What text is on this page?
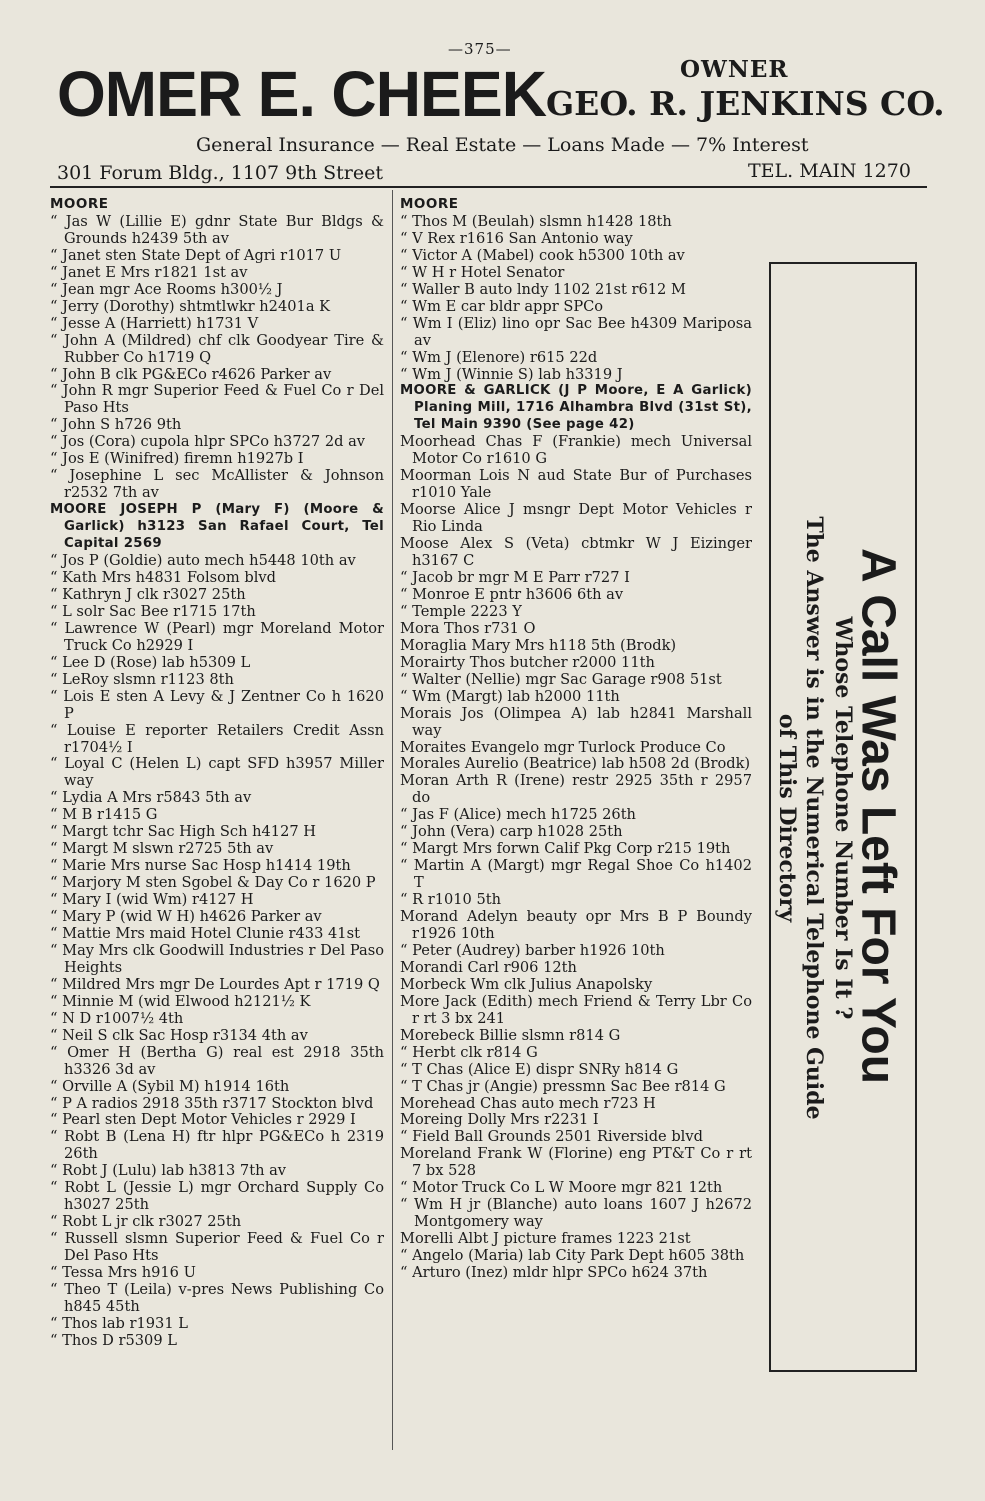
—375—
OMER E. CHEEK	OWNER
GEO. R. JENKINS CO.
General Insurance — Real Estate — Loans Made — 7% Interest
301 Forum Bldg., 1107 9th Street	TEL. MAIN 1270
MOORE
“ Jas W (Lillie E) gdnr State Bur Bldgs & Grounds h2439 5th av
“ Janet sten State Dept of Agri r1017 U
“ Janet E Mrs r1821 1st av
“ Jean mgr Ace Rooms h300½ J
“ Jerry (Dorothy) shtmtlwkr h2401a K
“ Jesse A (Harriett) h1731 V
“ John A (Mildred) chf clk Goodyear Tire & Rubber Co h1719 Q
“ John B clk PG&ECo r4626 Parker av
“ John R mgr Superior Feed & Fuel Co r Del Paso Hts
“ John S h726 9th
“ Jos (Cora) cupola hlpr SPCo h3727 2d av
“ Jos E (Winifred) firemn h1927b I
“ Josephine L sec McAllister & Johnson r2532 7th av
MOORE JOSEPH P (Mary F) (Moore & Garlick) h3123 San Rafael Court, Tel Capital 2569
“ Jos P (Goldie) auto mech h5448 10th av
“ Kath Mrs h4831 Folsom blvd
“ Kathryn J clk r3027 25th
“ L solr Sac Bee r1715 17th
“ Lawrence W (Pearl) mgr Moreland Motor Truck Co h2929 I
“ Lee D (Rose) lab h5309 L
“ LeRoy slsmn r1123 8th
“ Lois E sten A Levy & J Zentner Co h 1620 P
“ Louise E reporter Retailers Credit Assn r1704½ I
“ Loyal C (Helen L) capt SFD h3957 Miller way
“ Lydia A Mrs r5843 5th av
“ M B r1415 G
“ Margt tchr Sac High Sch h4127 H
“ Margt M slswn r2725 5th av
“ Marie Mrs nurse Sac Hosp h1414 19th
“ Marjory M sten Sgobel & Day Co r 1620 P
“ Mary I (wid Wm) r4127 H
“ Mary P (wid W H) h4626 Parker av
“ Mattie Mrs maid Hotel Clunie r433 41st
“ May Mrs clk Goodwill Industries r Del Paso Heights
“ Mildred Mrs mgr De Lourdes Apt r 1719 Q
“ Minnie M (wid Elwood h2121½ K
“ N D r1007½ 4th
“ Neil S clk Sac Hosp r3134 4th av
“ Omer H (Bertha G) real est 2918 35th h3326 3d av
“ Orville A (Sybil M) h1914 16th
“ P A radios 2918 35th r3717 Stockton blvd
“ Pearl sten Dept Motor Vehicles r 2929 I
“ Robt B (Lena H) ftr hlpr PG&ECo h 2319 26th
“ Robt J (Lulu) lab h3813 7th av
“ Robt L (Jessie L) mgr Orchard Supply Co h3027 25th
“ Robt L jr clk r3027 25th
“ Russell slsmn Superior Feed & Fuel Co r Del Paso Hts
“ Tessa Mrs h916 U
“ Theo T (Leila) v-pres News Publishing Co h845 45th
“ Thos lab r1931 L
“ Thos D r5309 L
MOORE
“ Thos M (Beulah) slsmn h1428 18th
“ V Rex r1616 San Antonio way
“ Victor A (Mabel) cook h5300 10th av
“ W H r Hotel Senator
“ Waller B auto lndy 1102 21st r612 M
“ Wm E car bldr appr SPCo
“ Wm I (Eliz) lino opr Sac Bee h4309 Mariposa av
“ Wm J (Elenore) r615 22d
“ Wm J (Winnie S) lab h3319 J
MOORE & GARLICK (J P Moore, E A Garlick) Planing Mill, 1716 Alhambra Blvd (31st St), Tel Main 9390 (See page 42)
Moorhead Chas F (Frankie) mech Universal Motor Co r1610 G
Moorman Lois N aud State Bur of Purchases r1010 Yale
Moorse Alice J msngr Dept Motor Vehicles r Rio Linda
Moose Alex S (Veta) cbtmkr W J Eizinger h3167 C
“ Jacob br mgr M E Parr r727 I
“ Monroe E pntr h3606 6th av
“ Temple 2223 Y
Mora Thos r731 O
Moraglia Mary Mrs h118 5th (Brodk)
Morairty Thos butcher r2000 11th
“ Walter (Nellie) mgr Sac Garage r908 51st
“ Wm (Margt) lab h2000 11th
Morais Jos (Olimpea A) lab h2841 Marshall way
Moraites Evangelo mgr Turlock Produce Co
Morales Aurelio (Beatrice) lab h508 2d (Brodk)
Moran Arth R (Irene) restr 2925 35th r 2957 do
“ Jas F (Alice) mech h1725 26th
“ John (Vera) carp h1028 25th
“ Margt Mrs forwn Calif Pkg Corp r215 19th
“ Martin A (Margt) mgr Regal Shoe Co h1402 T
“ R r1010 5th
Morand Adelyn beauty opr Mrs B P Boundy r1926 10th
“ Peter (Audrey) barber h1926 10th
Morandi Carl r906 12th
Morbeck Wm clk Julius Anapolsky
More Jack (Edith) mech Friend & Terry Lbr Co r rt 3 bx 241
Morebeck Billie slsmn r814 G
“ Herbt clk r814 G
“ T Chas (Alice E) dispr SNRy h814 G
“ T Chas jr (Angie) pressmn Sac Bee r814 G
Morehead Chas auto mech r723 H
Moreing Dolly Mrs r2231 I
“ Field Ball Grounds 2501 Riverside blvd
Moreland Frank W (Florine) eng PT&T Co r rt 7 bx 528
“ Motor Truck Co L W Moore mgr 821 12th
“ Wm H jr (Blanche) auto loans 1607 J h2672 Montgomery way
Morelli Albt J picture frames 1223 21st
“ Angelo (Maria) lab City Park Dept h605 38th
“ Arturo (Inez) mldr hlpr SPCo h624 37th
A Call Was Left For You
Whose Telephone Number Is It ?
The Answer is in the Numerical Telephone Guide
of This Directory
